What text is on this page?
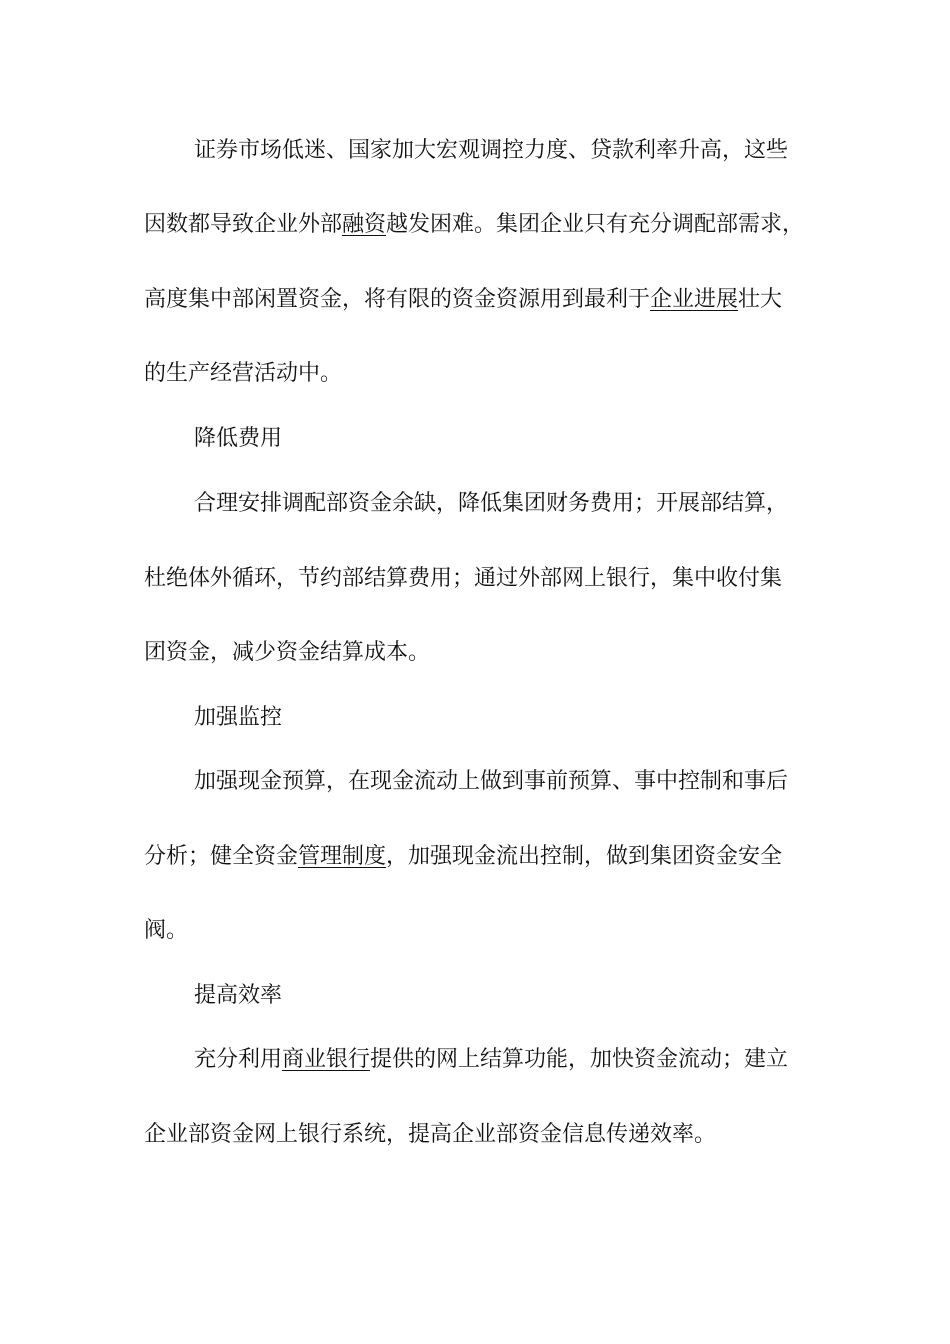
证券市场低迷、国家加大宏观调控力度、贷款利率升高，这些
因数都导致企业外部融资越发困难。集团企业只有充分调配部需求，
高度集中部闲置资金，将有限的资金资源用到最利于企业进展壮大
的生产经营活动中。
降低费用
合理安排调配部资金余缺，降低集团财务费用；开展部结算，
杜绝体外循环，节约部结算费用；通过外部网上银行，集中收付集
团资金，减少资金结算成本。
加强监控
加强现金预算，在现金流动上做到事前预算、事中控制和事后
分析；健全资金管理制度，加强现金流出控制，做到集团资金安全
阀。
提高效率
充分利用商业银行提供的网上结算功能，加快资金流动；建立
企业部资金网上银行系统，提高企业部资金信息传递效率。
